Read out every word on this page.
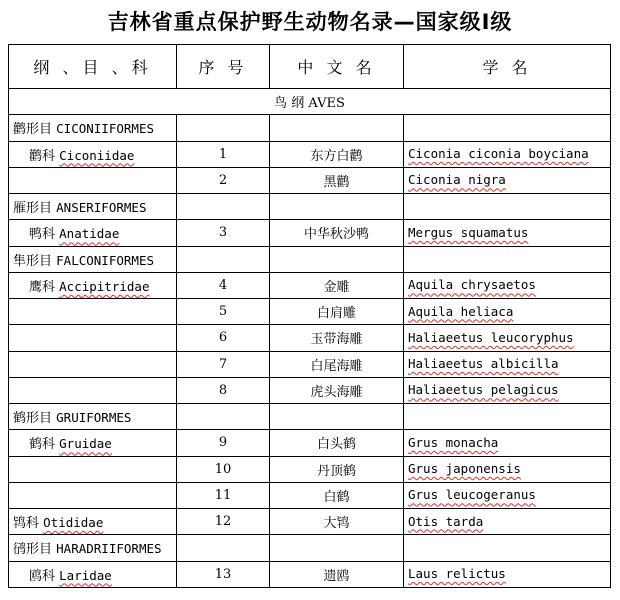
吉林省重点保护野生动物名录—国家级Ⅰ级
纲 、目 、科	序 号	中 文 名	学 名
鸟 纲 AVES			
鹳形目 CICONIIFORMES			
鹳科 Ciconiidae	1	东方白鹳	Ciconia ciconia boyciana
	2	黑鹳	Ciconia nigra
雁形目 ANSERIFORMES			
鸭科 Anatidae	3	中华秋沙鸭	Mergus squamatus
隼形目 FALCONIFORMES			
鹰科 Accipitridae	4	金雕	Aquila chrysaetos
	5	白肩雕	Aquila heliaca
	6	玉带海雕	Haliaeetus leucoryphus
	7	白尾海雕	Haliaeetus albicilla
	8	虎头海雕	Haliaeetus pelagicus
鹤形目 GRUIFORMES			
鹤科 Gruidae	9	白头鹤	Grus monacha
	10	丹顶鹤	Grus japonensis
	11	白鹤	Grus leucogeranus
鸨科 Otididae	12	大鸨	Otis tarda
鸻形目 HARADRIIFORMES			
鸥科 Laridae	13	遗鸥	Laus relictus
